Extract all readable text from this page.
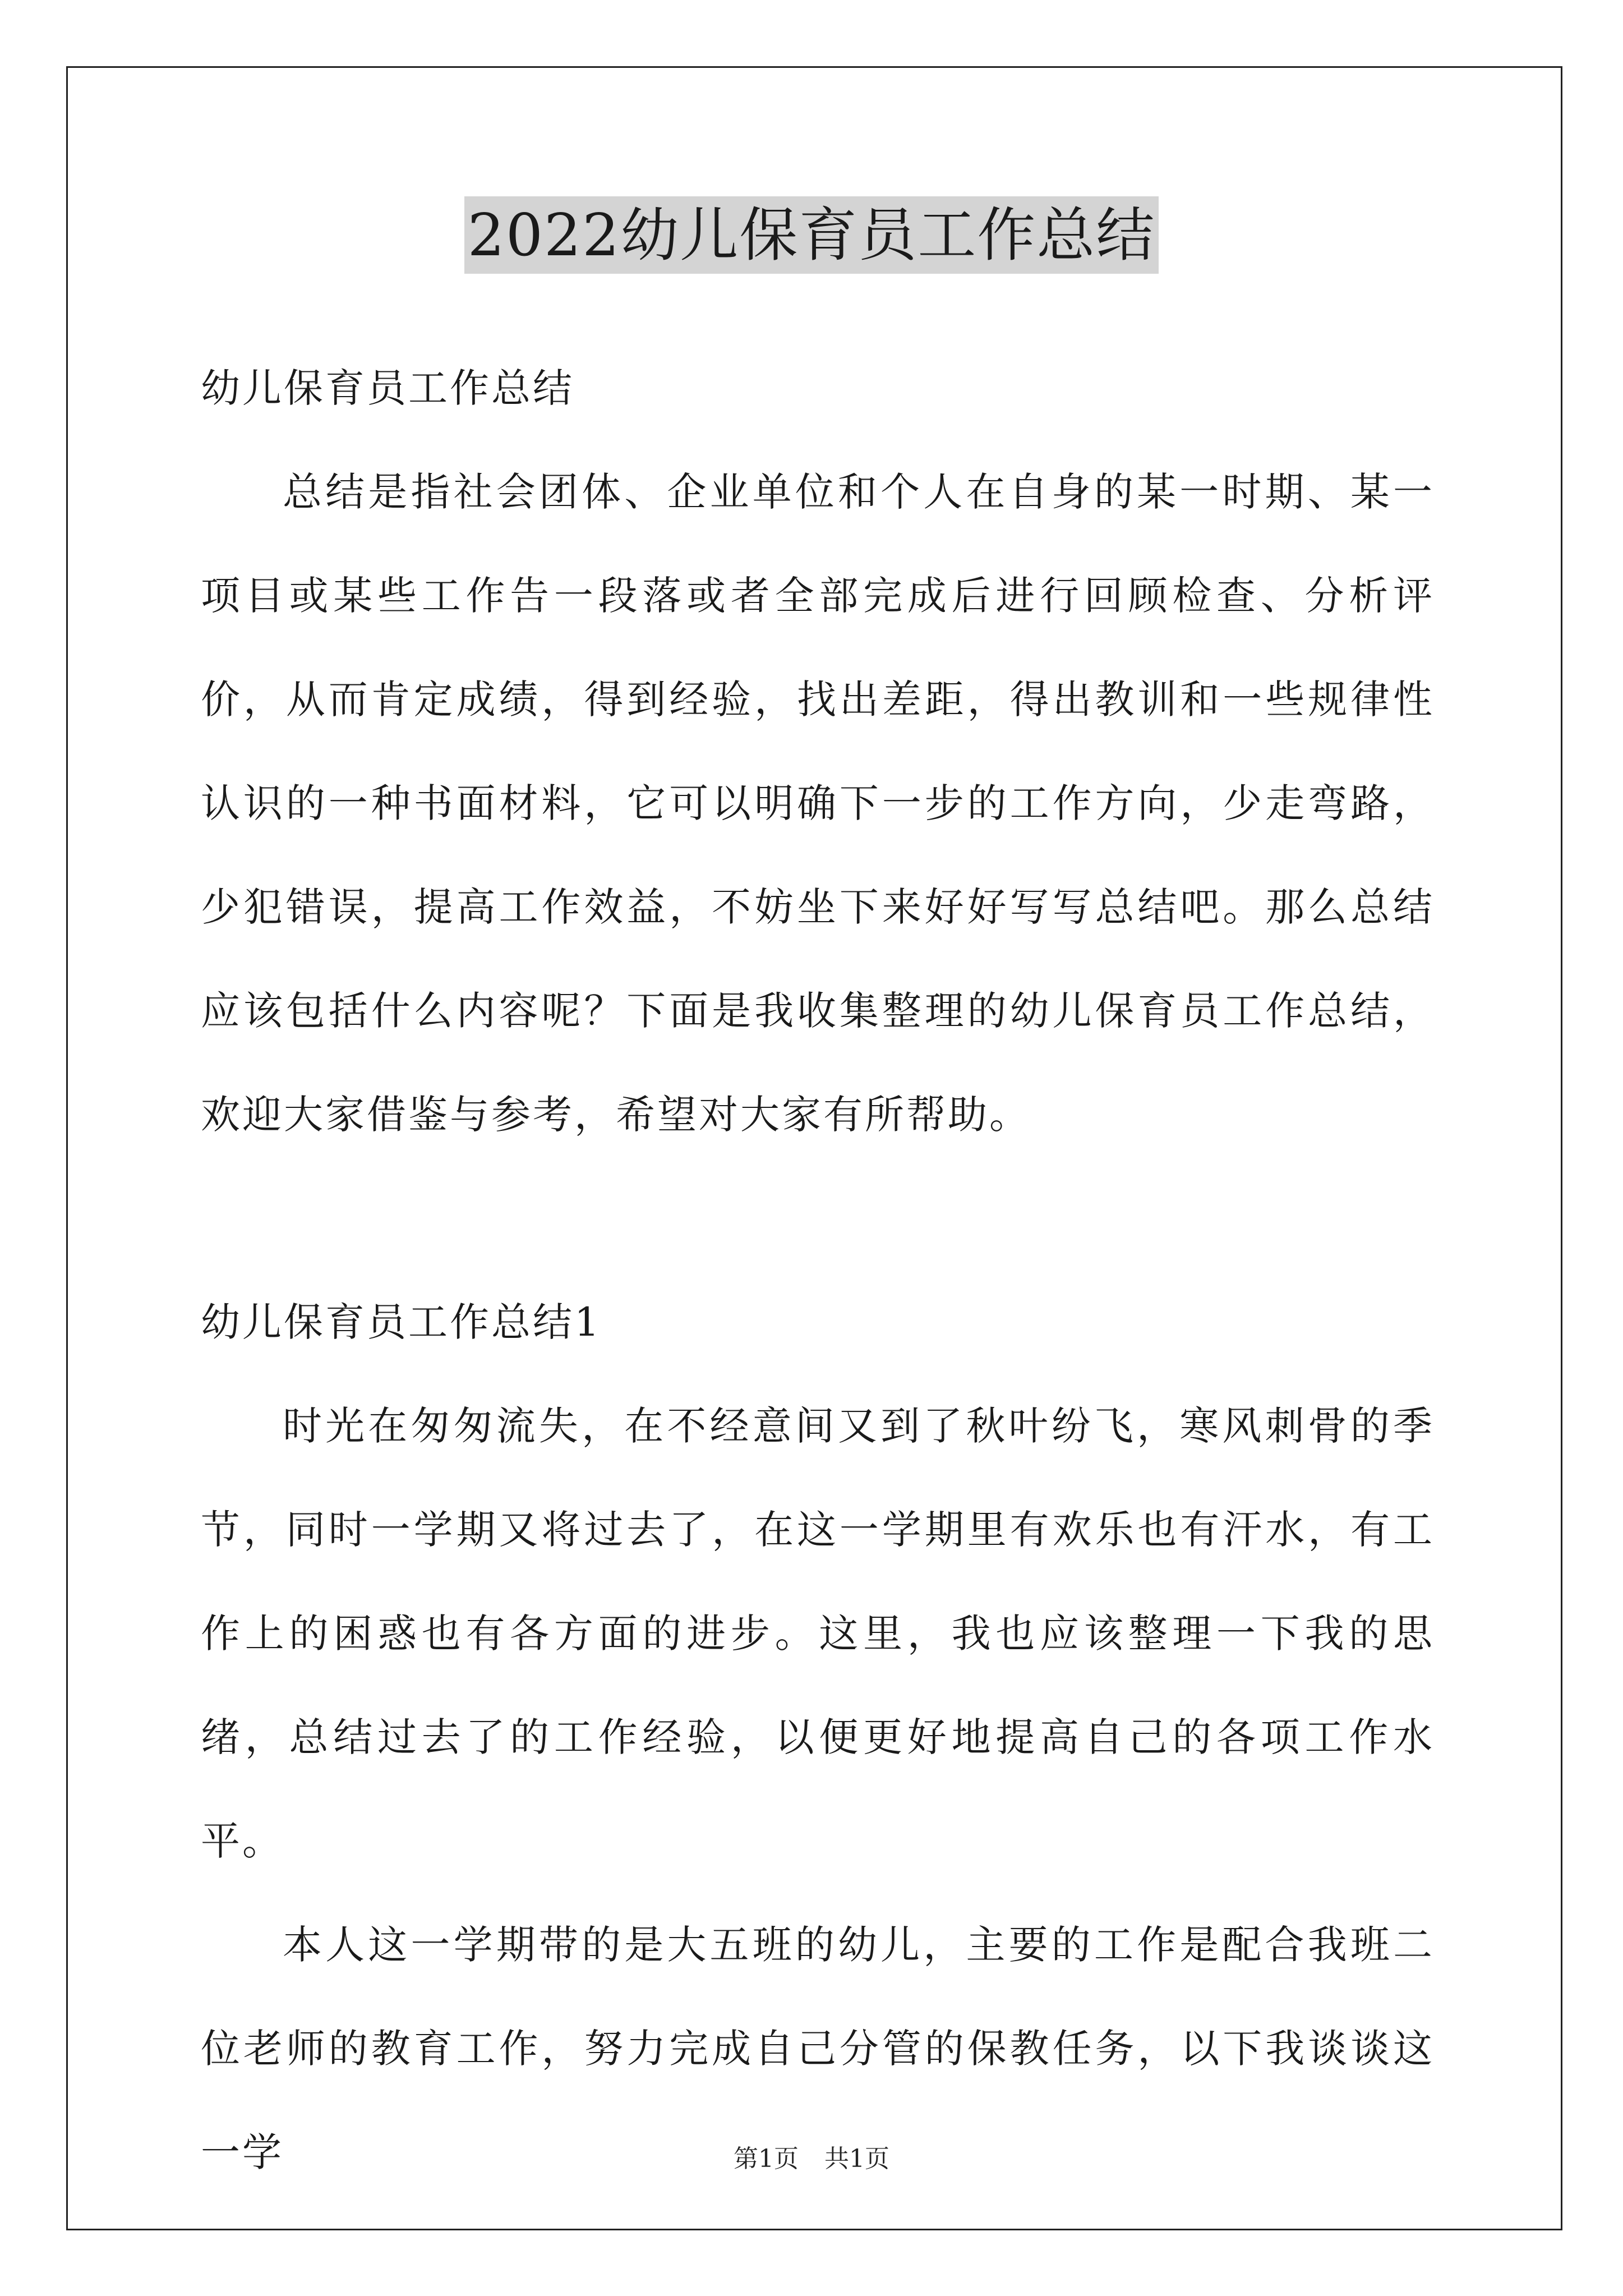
2022幼儿保育员工作总结

幼儿保育员工作总结

总结是指社会团体、企业单位和个人在自身的某一时期、某一项目或某些工作告一段落或者全部完成后进行回顾检查、分析评价，从而肯定成绩，得到经验，找出差距，得出教训和一些规律性认识的一种书面材料，它可以明确下一步的工作方向，少走弯路，少犯错误，提高工作效益，不妨坐下来好好写写总结吧。那么总结应该包括什么内容呢？下面是我收集整理的幼儿保育员工作总结，欢迎大家借鉴与参考，希望对大家有所帮助。

幼儿保育员工作总结1

时光在匆匆流失，在不经意间又到了秋叶纷飞，寒风刺骨的季节，同时一学期又将过去了，在这一学期里有欢乐也有汗水，有工作上的困惑也有各方面的进步。这里，我也应该整理一下我的思绪，总结过去了的工作经验，以便更好地提高自己的各项工作水平。

本人这一学期带的是大五班的幼儿，主要的工作是配合我班二位老师的教育工作，努力完成自己分管的保教任务，以下我谈谈这一学	第1页 共1页
